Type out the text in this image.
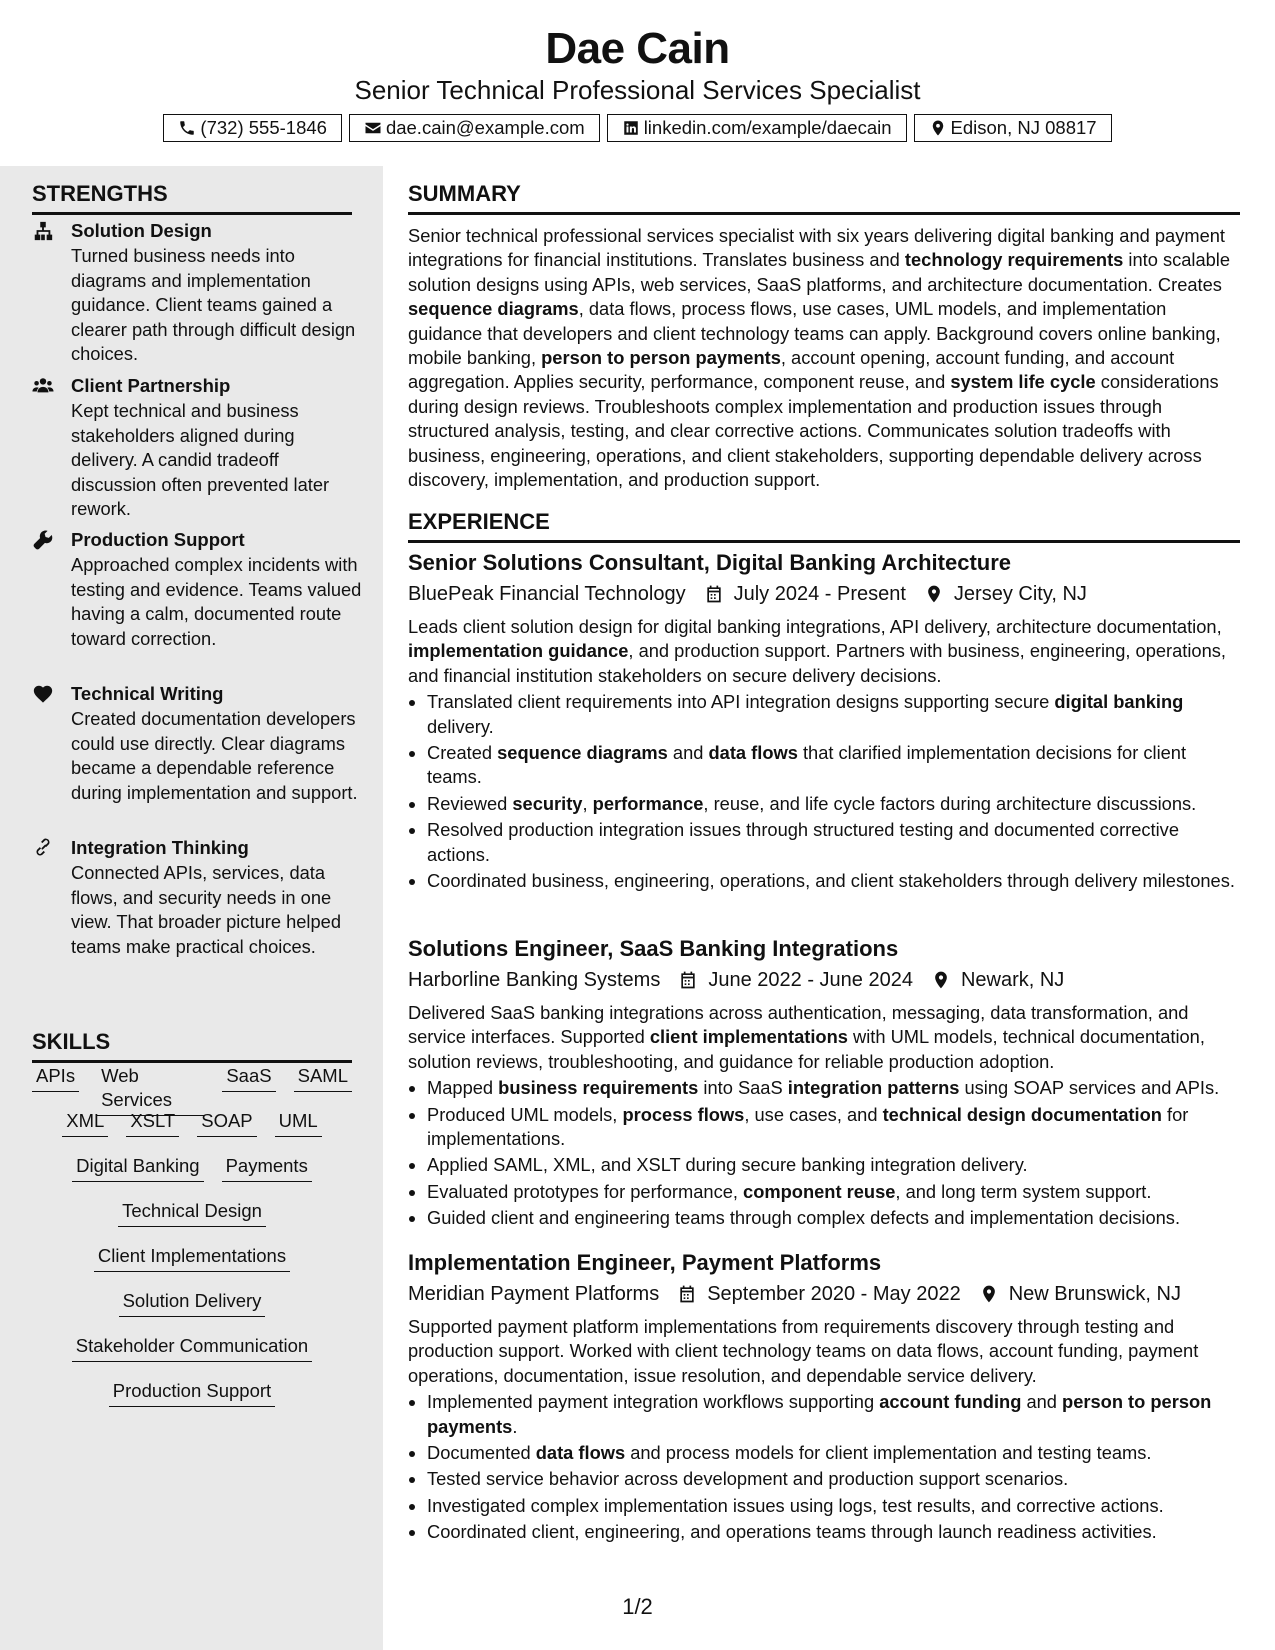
Dae Cain
Senior Technical Professional Services Specialist
(732) 555-1846	dae.cain@example.com	linkedin.com/example/daecain	Edison, NJ 08817
STRENGTHS
Solution Design
Turned business needs into diagrams and implementation guidance. Client teams gained a clearer path through difficult design choices.
Client Partnership
Kept technical and business stakeholders aligned during delivery. A candid tradeoff discussion often prevented later rework.
Production Support
Approached complex incidents with testing and evidence. Teams valued having a calm, documented route toward correction.
Technical Writing
Created documentation developers could use directly. Clear diagrams became a dependable reference during implementation and support.
Integration Thinking
Connected APIs, services, data flows, and security needs in one view. That broader picture helped teams make practical choices.
SKILLS
APIs Web Services
SaaS SAML
XML XSLT SOAP UML
Digital Banking Payments
Technical Design
Client Implementations
Solution Delivery
Stakeholder Communication
Production Support
SUMMARY
Senior technical professional services specialist with six years delivering digital banking and payment integrations for financial institutions. Translates business and technology requirements into scalable solution designs using APIs, web services, SaaS platforms, and architecture documentation. Creates sequence diagrams, data flows, process flows, use cases, UML models, and implementation guidance that developers and client technology teams can apply. Background covers online banking, mobile banking, person to person payments, account opening, account funding, and account aggregation. Applies security, performance, component reuse, and system life cycle considerations during design reviews. Troubleshoots complex implementation and production issues through structured analysis, testing, and clear corrective actions. Communicates solution tradeoffs with business, engineering, operations, and client stakeholders, supporting dependable delivery across discovery, implementation, and production support.
EXPERIENCE
Senior Solutions Consultant, Digital Banking Architecture
BluePeak Financial Technology July 2024 - Present Jersey City, NJ
Leads client solution design for digital banking integrations, API delivery, architecture documentation, implementation guidance, and production support. Partners with business, engineering, operations, and financial institution stakeholders on secure delivery decisions.
• Translated client requirements into API integration designs supporting secure digital banking delivery.
• Created sequence diagrams and data flows that clarified implementation decisions for client teams.
• Reviewed security, performance, reuse, and life cycle factors during architecture discussions.
• Resolved production integration issues through structured testing and documented corrective actions.
• Coordinated business, engineering, operations, and client stakeholders through delivery milestones.
Solutions Engineer, SaaS Banking Integrations
Harborline Banking Systems June 2022 - June 2024 Newark, NJ
Delivered SaaS banking integrations across authentication, messaging, data transformation, and service interfaces. Supported client implementations with UML models, technical documentation, solution reviews, troubleshooting, and guidance for reliable production adoption.
• Mapped business requirements into SaaS integration patterns using SOAP services and APIs.
• Produced UML models, process flows, use cases, and technical design documentation for implementations.
• Applied SAML, XML, and XSLT during secure banking integration delivery.
• Evaluated prototypes for performance, component reuse, and long term system support.
• Guided client and engineering teams through complex defects and implementation decisions.
Implementation Engineer, Payment Platforms
Meridian Payment Platforms September 2020 - May 2022 New Brunswick, NJ
Supported payment platform implementations from requirements discovery through testing and production support. Worked with client technology teams on data flows, account funding, payment operations, documentation, issue resolution, and dependable service delivery.
• Implemented payment integration workflows supporting account funding and person to person payments.
• Documented data flows and process models for client implementation and testing teams.
• Tested service behavior across development and production support scenarios.
• Investigated complex implementation issues using logs, test results, and corrective actions.
• Coordinated client, engineering, and operations teams through launch readiness activities.
1/2
